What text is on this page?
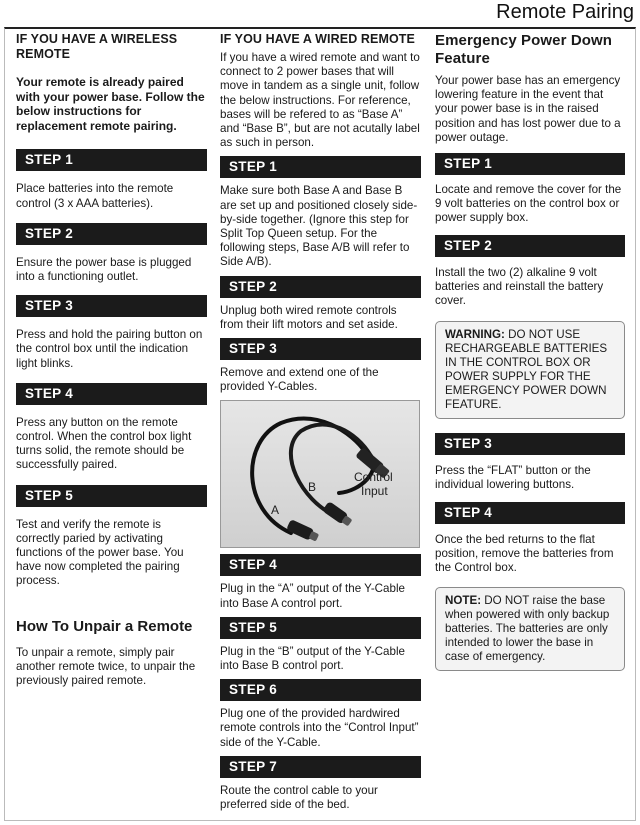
Remote Pairing
IF YOU HAVE A WIRELESS REMOTE
Your remote is already paired with your power base. Follow the below instructions for replacement remote pairing.
STEP 1
Place batteries into the remote control (3 x AAA batteries).
STEP 2
Ensure the power base is plugged into a functioning outlet.
STEP 3
Press and hold the pairing button on the control box until the indication light blinks.
STEP 4
Press any button on the remote control. When the control box light turns solid, the remote should be successfully paired.
STEP 5
Test and verify the remote is correctly paried by activating functions of the power base. You have now completed the pairing process.
How To Unpair a Remote
To unpair a remote, simply pair another remote twice, to unpair the previously paired remote.
IF YOU HAVE A WIRED REMOTE
If you have a wired remote and want to connect to 2 power bases that will move in tandem as a single unit, follow the below instructions. For reference, bases will be refered to as “Base A” and “Base B”, but are not acutally label as such in person.
STEP 1
Make sure both Base A and Base B are set up and positioned closely side-by-side together. (Ignore this step for Split Top Queen setup. For the following steps, Base A/B will refer to Side A/B).
STEP 2
Unplug both wired remote controls from their lift motors and set aside.
STEP 3
Remove and extend one of the provided Y-Cables.
A
B
Control
Input
STEP 4
Plug in the “A” output of the Y-Cable into Base A control port.
STEP 5
Plug in the “B” output of the Y-Cable into Base B control port.
STEP 6
Plug one of the provided hardwired remote controls into the “Control Input” side of the Y-Cable.
STEP 7
Route the control cable to your preferred side of the bed.
Emergency Power Down Feature
Your power base has an emergency lowering feature in the event that your power base is in the raised position and has lost power due to a power outage.
STEP 1
Locate and remove the cover for the 9 volt batteries on the control box or power supply box.
STEP 2
Install the two (2) alkaline 9 volt batteries and reinstall the battery cover.
WARNING: DO NOT USE RECHARGEABLE BATTERIES IN THE CONTROL BOX OR POWER SUPPLY FOR THE EMERGENCY POWER DOWN FEATURE.
STEP 3
Press the “FLAT” button or the individual lowering buttons.
STEP 4
Once the bed returns to the flat position, remove the batteries from the Control box.
NOTE: DO NOT raise the base when powered with only backup batteries. The batteries are only intended to lower the base in case of emergency.
